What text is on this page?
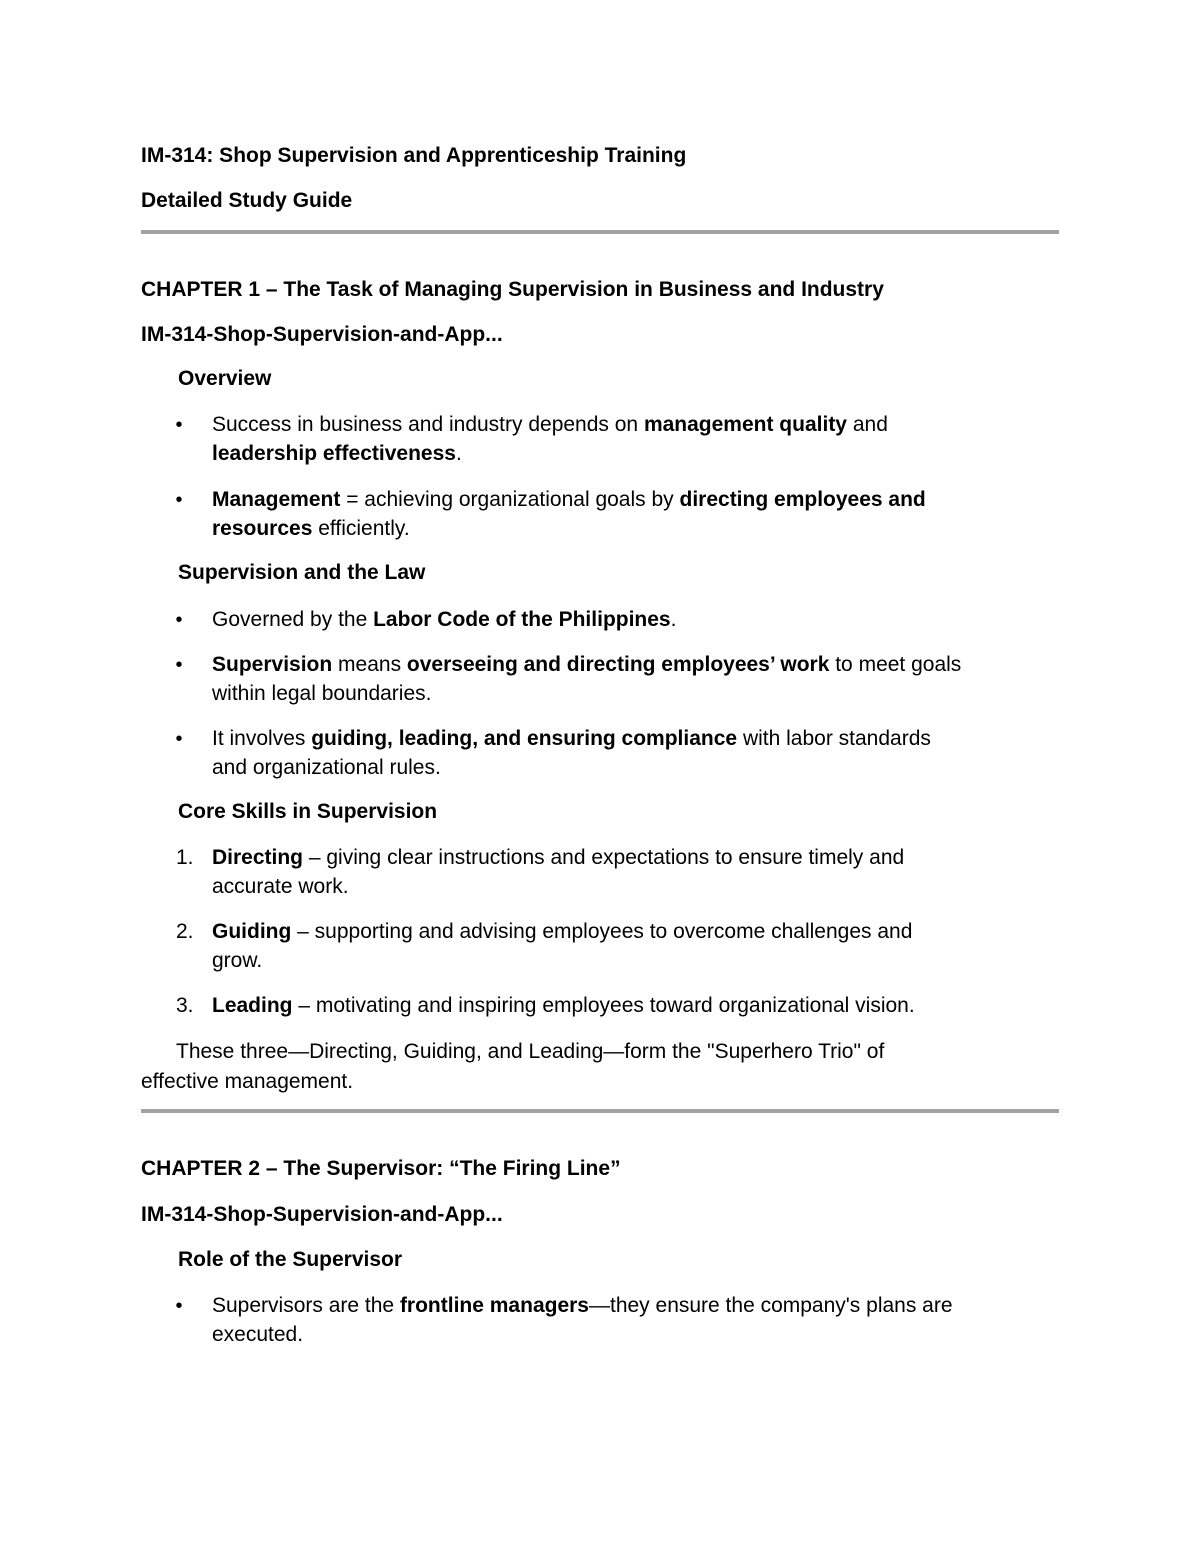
IM-314: Shop Supervision and Apprenticeship Training
Detailed Study Guide
CHAPTER 1 – The Task of Managing Supervision in Business and Industry
IM-314-Shop-Supervision-and-App...
Overview
• Success in business and industry depends on management quality and
leadership effectiveness.
• Management = achieving organizational goals by directing employees and
resources efficiently.
Supervision and the Law
• Governed by the Labor Code of the Philippines.
• Supervision means overseeing and directing employees’ work to meet goals
within legal boundaries.
• It involves guiding, leading, and ensuring compliance with labor standards
and organizational rules.
Core Skills in Supervision
1. Directing – giving clear instructions and expectations to ensure timely and
accurate work.
2. Guiding – supporting and advising employees to overcome challenges and
grow.
3. Leading – motivating and inspiring employees toward organizational vision.
These three—Directing, Guiding, and Leading—form the "Superhero Trio" of
effective management.
CHAPTER 2 – The Supervisor: “The Firing Line”
IM-314-Shop-Supervision-and-App...
Role of the Supervisor
• Supervisors are the frontline managers—they ensure the company's plans are
executed.
